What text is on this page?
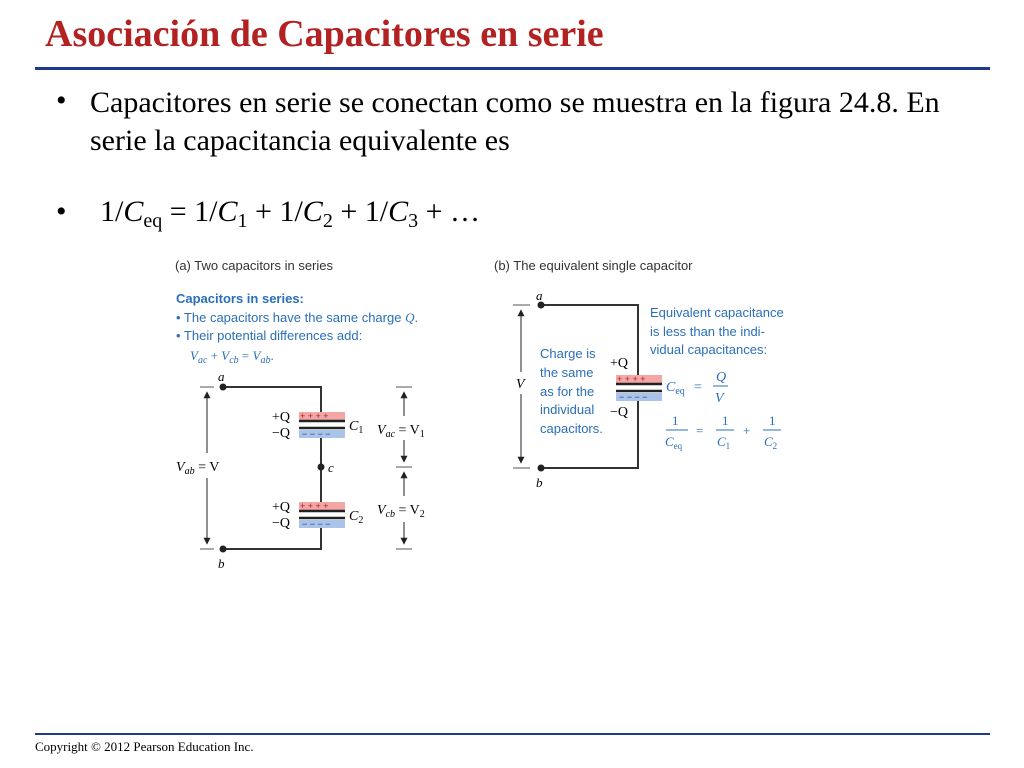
Asociación de Capacitores en serie
• Capacitores en serie se conectan como se muestra en la figura 24.8. En serie la capacitancia equivalente es
• $1/C_{eq} = 1/C_1 + 1/C_2 + 1/C_3$ + …
(a) Two capacitors in series
Capacitors in series:
• The capacitors have the same charge Q.
• Their potential differences add:
$V_{ac} + V_{cb} = V_{ab}$.
+ + + +
− − − −
+Q
−Q	$C_1$
c
+ + + +
− − − −
+Q
−Q	$C_2$
a
b
$V_{ab} = V$
$V_{ac} = V_1$
$V_{cb} = V_2$
(b) The equivalent single capacitor
a
b
V
Charge is the same as for the individual capacitors.
+ + + +
− − − −
+Q
−Q
Equivalent capacitance is less than the indi- vidual capacitances:
$C_{eq}$ =
Q
V
1
$C_{eq}$
=
1
$C_1$
+
1
$C_2$
Copyright © 2012 Pearson Education Inc.
